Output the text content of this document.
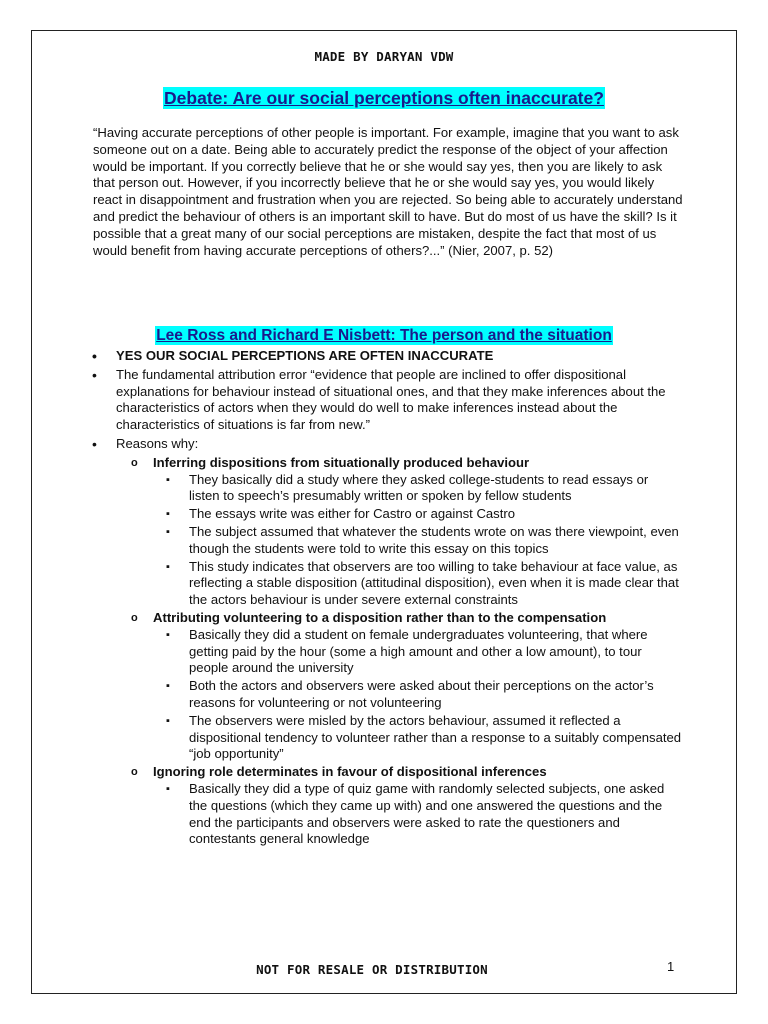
MADE BY DARYAN VDW
Debate: Are our social perceptions often inaccurate?

“Having accurate perceptions of other people is important. For example, imagine that you want to ask someone out on a date. Being able to accurately predict the response of the object of your affection would be important. If you correctly believe that he or she would say yes, then you are likely to ask that person out. However, if you incorrectly believe that he or she would say yes, you would likely react in disappointment and frustration when you are rejected. So being able to accurately understand and predict the behaviour of others is an important skill to have. But do most of us have the skill? Is it possible that a great many of our social perceptions are mistaken, despite the fact that most of us would benefit from having accurate perceptions of others?...” (Nier, 2007, p. 52)

Lee Ross and Richard E Nisbett: The person and the situation
• YES OUR SOCIAL PERCEPTIONS ARE OFTEN INACCURATE
• The fundamental attribution error “evidence that people are inclined to offer dispositional explanations for behaviour instead of situational ones, and that they make inferences about the characteristics of actors when they would do well to make inferences instead about the characteristics of situations is far from new.”
• Reasons why:
o Inferring dispositions from situationally produced behaviour
▪ They basically did a study where they asked college-students to read essays or listen to speech’s presumably written or spoken by fellow students
▪ The essays write was either for Castro or against Castro
▪ The subject assumed that whatever the students wrote on was there viewpoint, even though the students were told to write this essay on this topics
▪ This study indicates that observers are too willing to take behaviour at face value, as reflecting a stable disposition (attitudinal disposition), even when it is made clear that the actors behaviour is under severe external constraints
o Attributing volunteering to a disposition rather than to the compensation
▪ Basically they did a student on female undergraduates volunteering, that where getting paid by the hour (some a high amount and other a low amount), to tour people around the university
▪ Both the actors and observers were asked about their perceptions on the actor’s reasons for volunteering or not volunteering
▪ The observers were misled by the actors behaviour, assumed it reflected a dispositional tendency to volunteer rather than a response to a suitably compensated “job opportunity”
o Ignoring role determinates in favour of dispositional inferences
▪ Basically they did a type of quiz game with randomly selected subjects, one asked the questions (which they came up with) and one answered the questions and the end the participants and observers were asked to rate the questioners and contestants general knowledge
NOT FOR RESALE OR DISTRIBUTION	1
